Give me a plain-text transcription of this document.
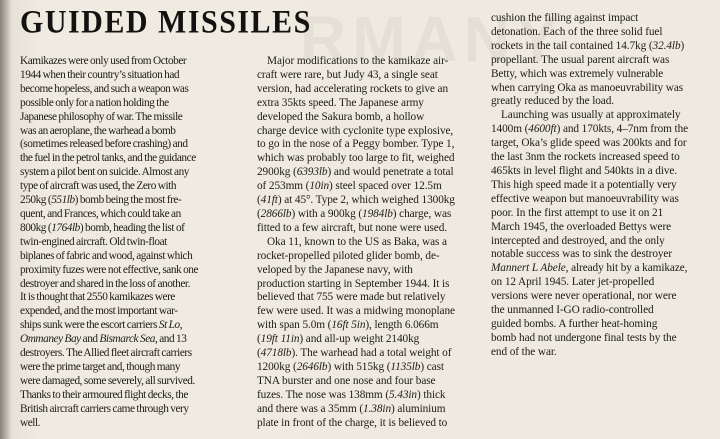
GUIDED MISSILES
Kamikazes were only used from October
1944 when their country’s situation had
become hopeless, and such a weapon was
possible only for a nation holding the
Japanese philosophy of war. The missile
was an aeroplane, the warhead a bomb
(sometimes released before crashing) and
the fuel in the petrol tanks, and the guidance
system a pilot bent on suicide. Almost any
type of aircraft was used, the Zero with
250kg (551lb) bomb being the most fre-
quent, and Frances, which could take an
800kg (1764lb) bomb, heading the list of
twin-engined aircraft. Old twin-float
biplanes of fabric and wood, against which
proximity fuzes were not effective, sank one
destroyer and shared in the loss of another.
It is thought that 2550 kamikazes were
expended, and the most important war-
ships sunk were the escort carriers St Lo,
Ommaney Bay and Bismarck Sea, and 13
destroyers. The Allied fleet aircraft carriers
were the prime target and, though many
were damaged, some severely, all survived.
Thanks to their armoured flight decks, the
British aircraft carriers came through very
well.
Major modifications to the kamikaze air-
craft were rare, but Judy 43, a single seat
version, had accelerating rockets to give an
extra 35kts speed. The Japanese army
developed the Sakura bomb, a hollow
charge device with cyclonite type explosive,
to go in the nose of a Peggy bomber. Type 1,
which was probably too large to fit, weighed
2900kg (6393lb) and would penetrate a total
of 253mm (10in) steel spaced over 12.5m
(41ft) at 45°. Type 2, which weighed 1300kg
(2866lb) with a 900kg (1984lb) charge, was
fitted to a few aircraft, but none were used.
Oka 11, known to the US as Baka, was a
rocket-propelled piloted glider bomb, de-
veloped by the Japanese navy, with
production starting in September 1944. It is
believed that 755 were made but relatively
few were used. It was a midwing monoplane
with span 5.0m (16ft 5in), length 6.066m
(19ft 11in) and all-up weight 2140kg
(4718lb). The warhead had a total weight of
1200kg (2646lb) with 515kg (1135lb) cast
TNA burster and one nose and four base
fuzes. The nose was 138mm (5.43in) thick
and there was a 35mm (1.38in) aluminium
plate in front of the charge, it is believed to
cushion the filling against impact
detonation. Each of the three solid fuel
rockets in the tail contained 14.7kg (32.4lb)
propellant. The usual parent aircraft was
Betty, which was extremely vulnerable
when carrying Oka as manoeuvrability was
greatly reduced by the load.
Launching was usually at approximately
1400m (4600ft) and 170kts, 4–7nm from the
target, Oka’s glide speed was 200kts and for
the last 3nm the rockets increased speed to
465kts in level flight and 540kts in a dive.
This high speed made it a potentially very
effective weapon but manoeuvrability was
poor. In the first attempt to use it on 21
March 1945, the overloaded Bettys were
intercepted and destroyed, and the only
notable success was to sink the destroyer
Mannert L Abele, already hit by a kamikaze,
on 12 April 1945. Later jet-propelled
versions were never operational, nor were
the unmanned I-GO radio-controlled
guided bombs. A further heat-homing
bomb had not undergone final tests by the
end of the war.
